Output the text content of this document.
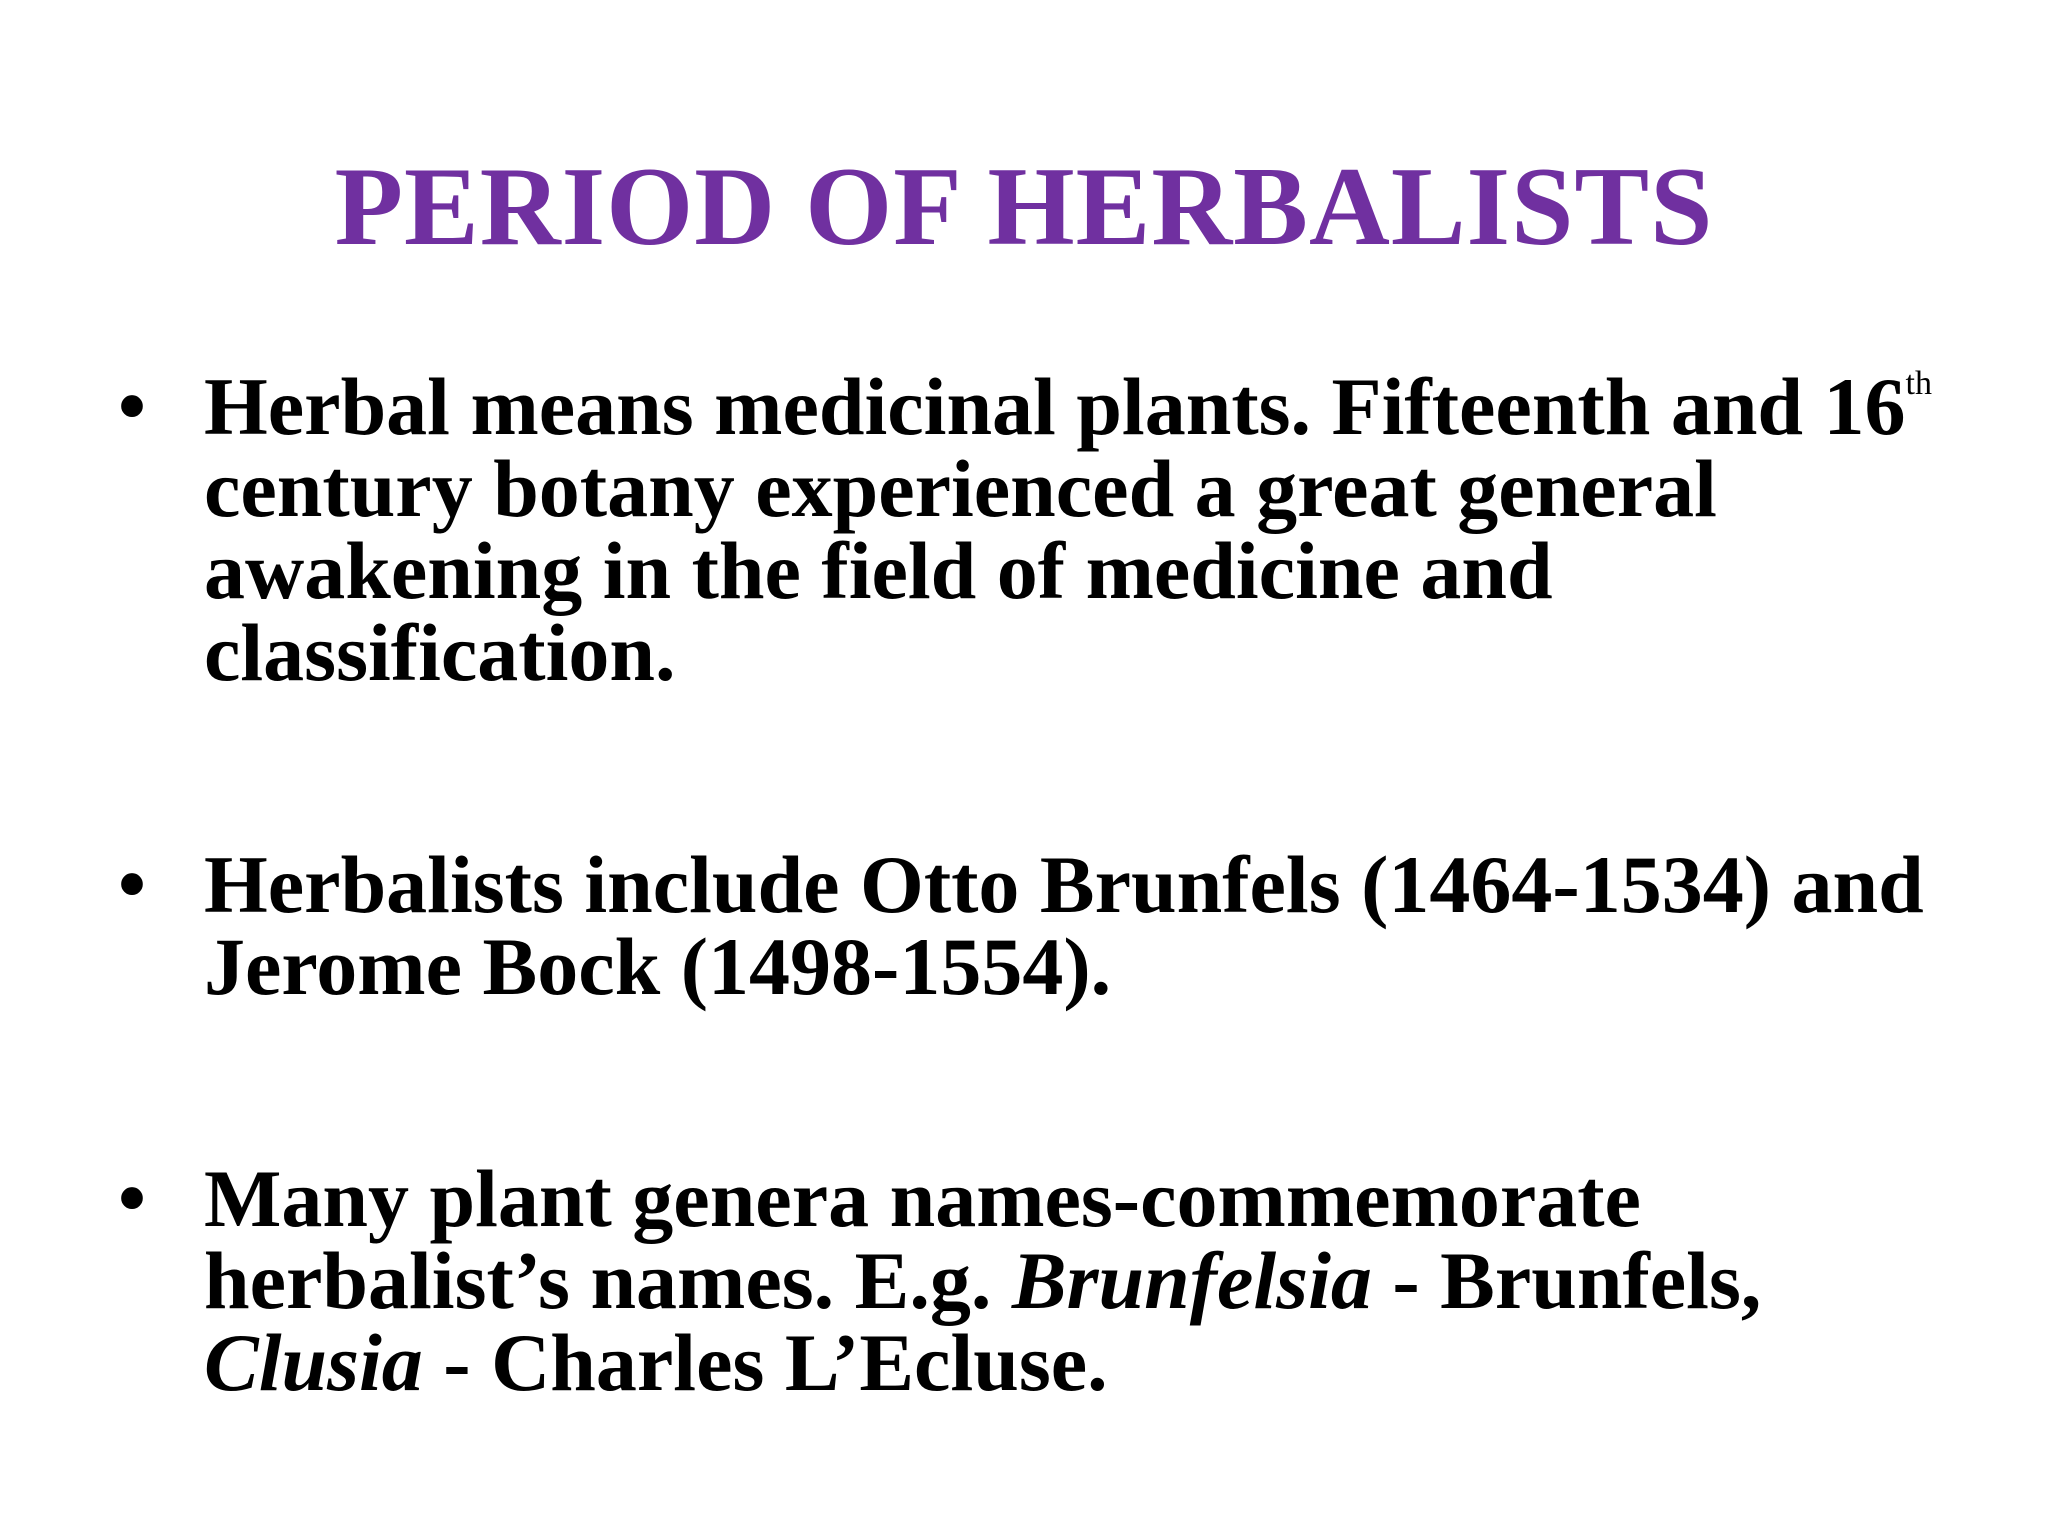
PERIOD OF HERBALISTS
• Herbal means medicinal plants. Fifteenth and 16th century botany experienced a great general awakening in the field of medicine and classification.
• Herbalists include Otto Brunfels (1464-1534) and Jerome Bock (1498-1554).
• Many plant genera names-commemorate herbalist’s names. E.g. Brunfelsia - Brunfels, Clusia - Charles L’Ecluse.
